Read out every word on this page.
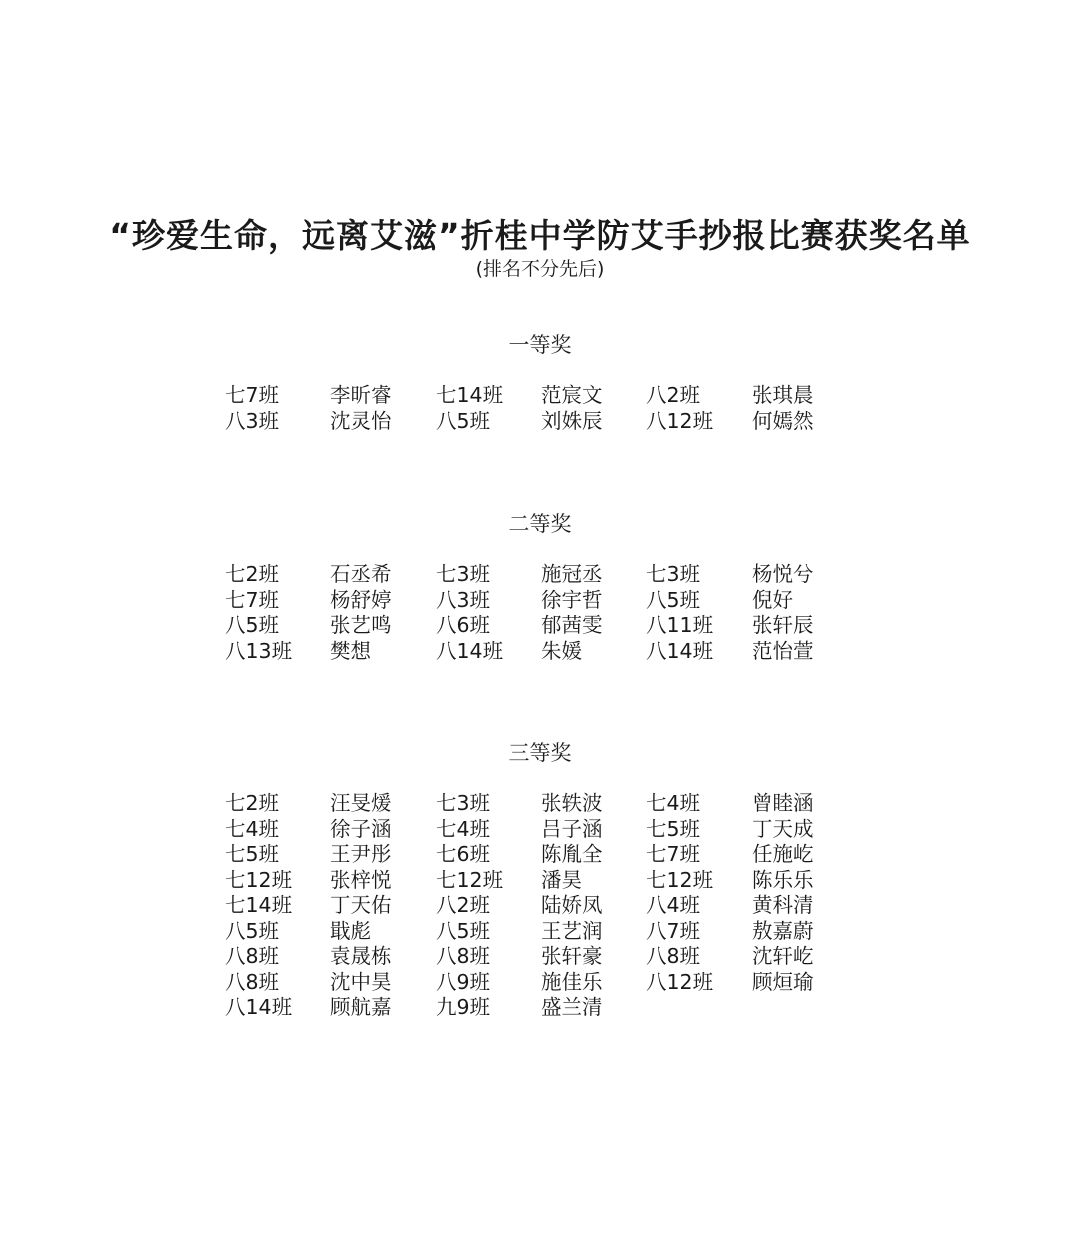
“珍爱生命，远离艾滋”折桂中学防艾手抄报比赛获奖名单
(排名不分先后)
一等奖
七7班 李昕睿 七14班 范宸文 八2班	张琪晨
八3班 沈灵怡 八5班 刘姝辰 八12班 何嫣然
二等奖
七2班 石丞希 七3班 施冠丞 七3班	杨悦兮
七7班 杨舒婷 八3班 徐宇哲 八5班	倪好
八5班 张艺鸣 八6班 郁茜雯 八11班 张轩辰
八13班 樊想	八14班 朱媛	八14班 范怡萱
三等奖
七2班 汪旻煖 七3班 张轶波 七4班	曾睦涵
七4班 徐子涵 七4班 吕子涵 七5班	丁天成
七5班 王尹彤 七6班 陈胤全 七7班	任施屹
七12班 张梓悦 七12班 潘昊	七12班 陈乐乐
七14班 丁天佑 八2班 陆娇凤 八4班	黄科清
八5班 戢彪	八5班 王艺润 八7班	敖嘉蔚
八8班 袁晟栋 八8班 张轩豪 八8班	沈轩屹
八8班 沈中昊 八9班 施佳乐 八12班 顾烜瑜
八14班 顾航嘉 九9班 盛兰清
